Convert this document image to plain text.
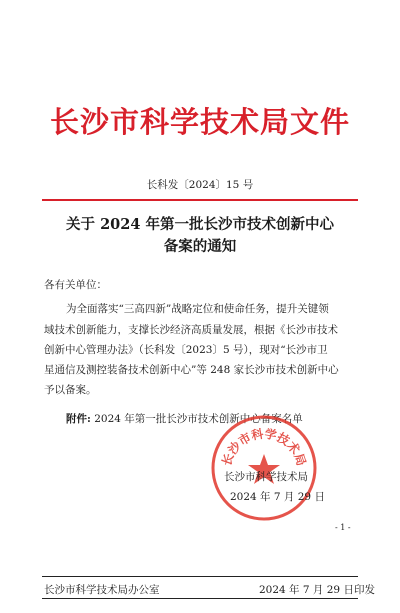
长沙市科学技术局文件
长科发〔2024〕15 号
关于 2024 年第一批长沙市技术创新中心
备案的通知
各有关单位：
为全面落实“三高四新”战略定位和使命任务，提升关键领
域技术创新能力，支撑长沙经济高质量发展，根据《长沙市技术
创新中心管理办法》（长科发〔2023〕5 号），现对“长沙市卫
星通信及测控装备技术创新中心”等 248 家长沙市技术创新中心
予以备案。
附件: 2024 年第一批长沙市技术创新中心备案名单
长沙市科学技术局
长沙市科学技术局
2024 年 7 月 29 日
- 1 -
长沙市科学技术局办公室	2024 年 7 月 29 日印发
